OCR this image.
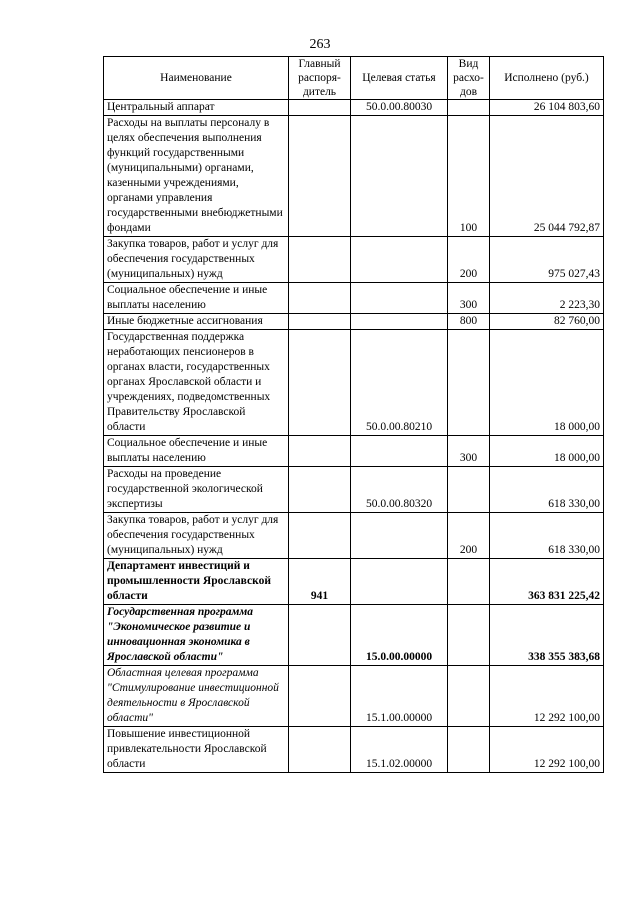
263
Наименование	Главный распоря-дитель	Целевая статья	Вид расхо-дов	Исполнено (руб.)
Центральный аппарат		50.0.00.80030		26 104 803,60
Расходы на выплаты персоналу в целях обеспечения выполнения функций государственными (муниципальными) органами, казенными учреждениями, органами управления государственными внебюджетными фондами			100	25 044 792,87
Закупка товаров, работ и услуг для обеспечения государственных (муниципальных) нужд			200	975 027,43
Социальное обеспечение и иные выплаты населению			300	2 223,30
Иные бюджетные ассигнования			800	82 760,00
Государственная поддержка неработающих пенсионеров в органах власти, государственных органах Ярославской области и учреждениях, подведомственных Правительству Ярославской области		50.0.00.80210		18 000,00
Социальное обеспечение и иные выплаты населению			300	18 000,00
Расходы на проведение государственной экологической экспертизы		50.0.00.80320		618 330,00
Закупка товаров, работ и услуг для обеспечения государственных (муниципальных) нужд			200	618 330,00
Департамент инвестиций и промышленности Ярославской области	941			363 831 225,42
Государственная программа "Экономическое развитие и инновационная экономика в Ярославской области"		15.0.00.00000		338 355 383,68
Областная целевая программа "Стимулирование инвестиционной деятельности в Ярославской области"		15.1.00.00000		12 292 100,00
Повышение инвестиционной привлекательности Ярославской области		15.1.02.00000		12 292 100,00
